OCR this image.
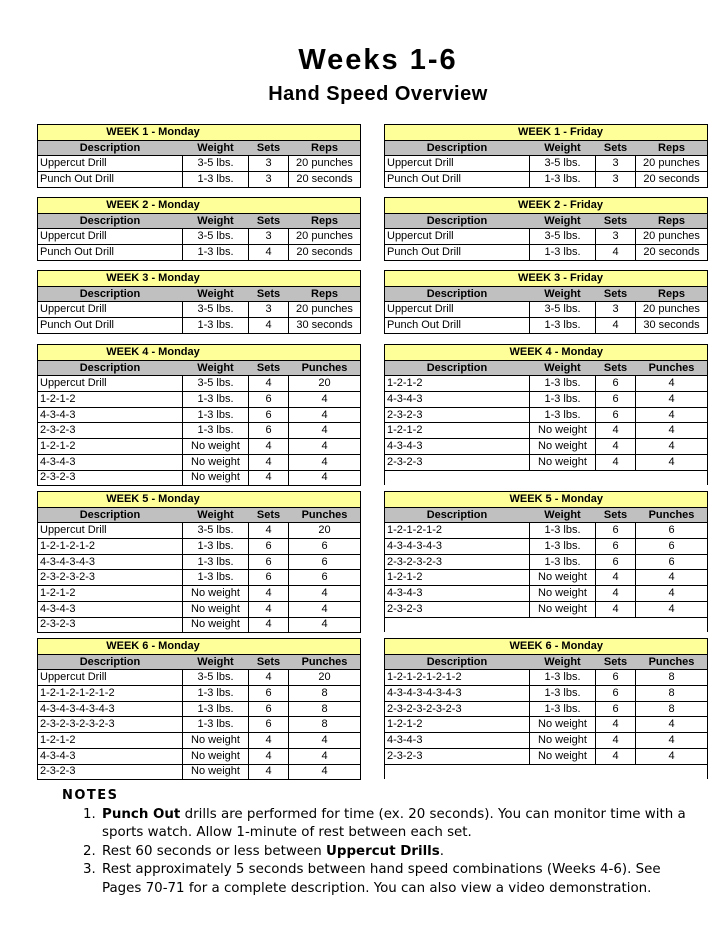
Weeks 1-6
Hand Speed Overview
WEEK 1 - Monday			
Description	Weight	Sets	Reps
Uppercut Drill	3-5 lbs.	3	20 punches
Punch Out Drill	1-3 lbs.	3	20 seconds
WEEK 1 - Friday			
Description	Weight	Sets	Reps
Uppercut Drill	3-5 lbs.	3	20 punches
Punch Out Drill	1-3 lbs.	3	20 seconds
WEEK 2 - Monday			
Description	Weight	Sets	Reps
Uppercut Drill	3-5 lbs.	3	20 punches
Punch Out Drill	1-3 lbs.	4	20 seconds
WEEK 2 - Friday			
Description	Weight	Sets	Reps
Uppercut Drill	3-5 lbs.	3	20 punches
Punch Out Drill	1-3 lbs.	4	20 seconds
WEEK 3 - Monday			
Description	Weight	Sets	Reps
Uppercut Drill	3-5 lbs.	3	20 punches
Punch Out Drill	1-3 lbs.	4	30 seconds
WEEK 3 - Friday			
Description	Weight	Sets	Reps
Uppercut Drill	3-5 lbs.	3	20 punches
Punch Out Drill	1-3 lbs.	4	30 seconds
WEEK 4 - Monday			
Description	Weight	Sets	Punches
Uppercut Drill	3-5 lbs.	4	20
1-2-1-2	1-3 lbs.	6	4
4-3-4-3	1-3 lbs.	6	4
2-3-2-3	1-3 lbs.	6	4
1-2-1-2	No weight	4	4
4-3-4-3	No weight	4	4
2-3-2-3	No weight	4	4
WEEK 4 - Monday			
Description	Weight	Sets	Punches
1-2-1-2	1-3 lbs.	6	4
4-3-4-3	1-3 lbs.	6	4
2-3-2-3	1-3 lbs.	6	4
1-2-1-2	No weight	4	4
4-3-4-3	No weight	4	4
2-3-2-3	No weight	4	4

WEEK 5 - Monday			
Description	Weight	Sets	Punches
Uppercut Drill	3-5 lbs.	4	20
1-2-1-2-1-2	1-3 lbs.	6	6
4-3-4-3-4-3	1-3 lbs.	6	6
2-3-2-3-2-3	1-3 lbs.	6	6
1-2-1-2	No weight	4	4
4-3-4-3	No weight	4	4
2-3-2-3	No weight	4	4
WEEK 5 - Monday			
Description	Weight	Sets	Punches
1-2-1-2-1-2	1-3 lbs.	6	6
4-3-4-3-4-3	1-3 lbs.	6	6
2-3-2-3-2-3	1-3 lbs.	6	6
1-2-1-2	No weight	4	4
4-3-4-3	No weight	4	4
2-3-2-3	No weight	4	4

WEEK 6 - Monday			
Description	Weight	Sets	Punches
Uppercut Drill	3-5 lbs.	4	20
1-2-1-2-1-2-1-2	1-3 lbs.	6	8
4-3-4-3-4-3-4-3	1-3 lbs.	6	8
2-3-2-3-2-3-2-3	1-3 lbs.	6	8
1-2-1-2	No weight	4	4
4-3-4-3	No weight	4	4
2-3-2-3	No weight	4	4
WEEK 6 - Monday			
Description	Weight	Sets	Punches
1-2-1-2-1-2-1-2	1-3 lbs.	6	8
4-3-4-3-4-3-4-3	1-3 lbs.	6	8
2-3-2-3-2-3-2-3	1-3 lbs.	6	8
1-2-1-2	No weight	4	4
4-3-4-3	No weight	4	4
2-3-2-3	No weight	4	4

NOTES
1. Punch Out drills are performed for time (ex. 20 seconds). You can monitor time with a sports watch. Allow 1-minute of rest between each set.
2. Rest 60 seconds or less between Uppercut Drills.
3. Rest approximately 5 seconds between hand speed combinations (Weeks 4-6). See Pages 70-71 for a complete description. You can also view a video demonstration.
